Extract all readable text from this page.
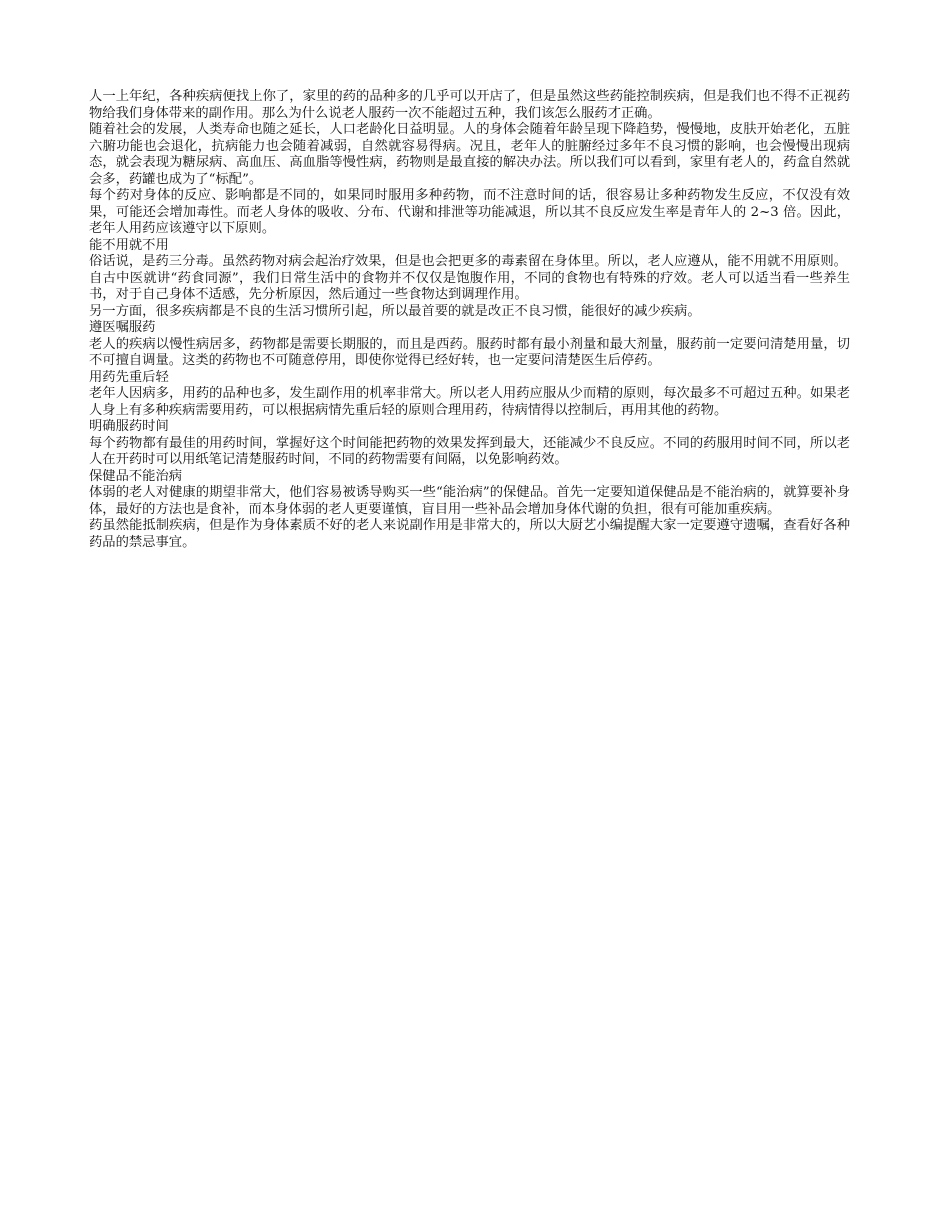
人一上年纪，各种疾病便找上你了，家里的药的品种多的几乎可以开店了，但是虽然这些药能控制疾病，但是我们也不得不正视药物给我们身体带来的副作用。那么为什么说老人服药一次不能超过五种，我们该怎么服药才正确。

随着社会的发展，人类寿命也随之延长，人口老龄化日益明显。人的身体会随着年龄呈现下降趋势，慢慢地，皮肤开始老化，五脏六腑功能也会退化，抗病能力也会随着减弱，自然就容易得病。况且，老年人的脏腑经过多年不良习惯的影响，也会慢慢出现病态，就会表现为糖尿病、高血压、高血脂等慢性病，药物则是最直接的解决办法。所以我们可以看到，家里有老人的，药盒自然就会多，药罐也成为了“标配”。

每个药对身体的反应、影响都是不同的，如果同时服用多种药物，而不注意时间的话，很容易让多种药物发生反应，不仅没有效果，可能还会增加毒性。而老人身体的吸收、分布、代谢和排泄等功能减退，所以其不良反应发生率是青年人的 2~3 倍。因此，老年人用药应该遵守以下原则。

能不用就不用

俗话说，是药三分毒。虽然药物对病会起治疗效果，但是也会把更多的毒素留在身体里。所以，老人应遵从，能不用就不用原则。

自古中医就讲“药食同源”，我们日常生活中的食物并不仅仅是饱腹作用，不同的食物也有特殊的疗效。老人可以适当看一些养生书，对于自己身体不适感，先分析原因，然后通过一些食物达到调理作用。

另一方面，很多疾病都是不良的生活习惯所引起，所以最首要的就是改正不良习惯，能很好的减少疾病。

遵医嘱服药

老人的疾病以慢性病居多，药物都是需要长期服的，而且是西药。服药时都有最小剂量和最大剂量，服药前一定要问清楚用量，切不可擅自调量。这类的药物也不可随意停用，即使你觉得已经好转，也一定要问清楚医生后停药。

用药先重后轻

老年人因病多，用药的品种也多，发生副作用的机率非常大。所以老人用药应服从少而精的原则，每次最多不可超过五种。如果老人身上有多种疾病需要用药，可以根据病情先重后轻的原则合理用药，待病情得以控制后，再用其他的药物。

明确服药时间

每个药物都有最佳的用药时间，掌握好这个时间能把药物的效果发挥到最大，还能减少不良反应。不同的药服用时间不同，所以老人在开药时可以用纸笔记清楚服药时间，不同的药物需要有间隔，以免影响药效。

保健品不能治病

体弱的老人对健康的期望非常大，他们容易被诱导购买一些“能治病”的保健品。首先一定要知道保健品是不能治病的，就算要补身体，最好的方法也是食补，而本身体弱的老人更要谨慎，盲目用一些补品会增加身体代谢的负担，很有可能加重疾病。

药虽然能抵制疾病，但是作为身体素质不好的老人来说副作用是非常大的，所以大厨艺小编提醒大家一定要遵守遗嘱，查看好各种药品的禁忌事宜。
